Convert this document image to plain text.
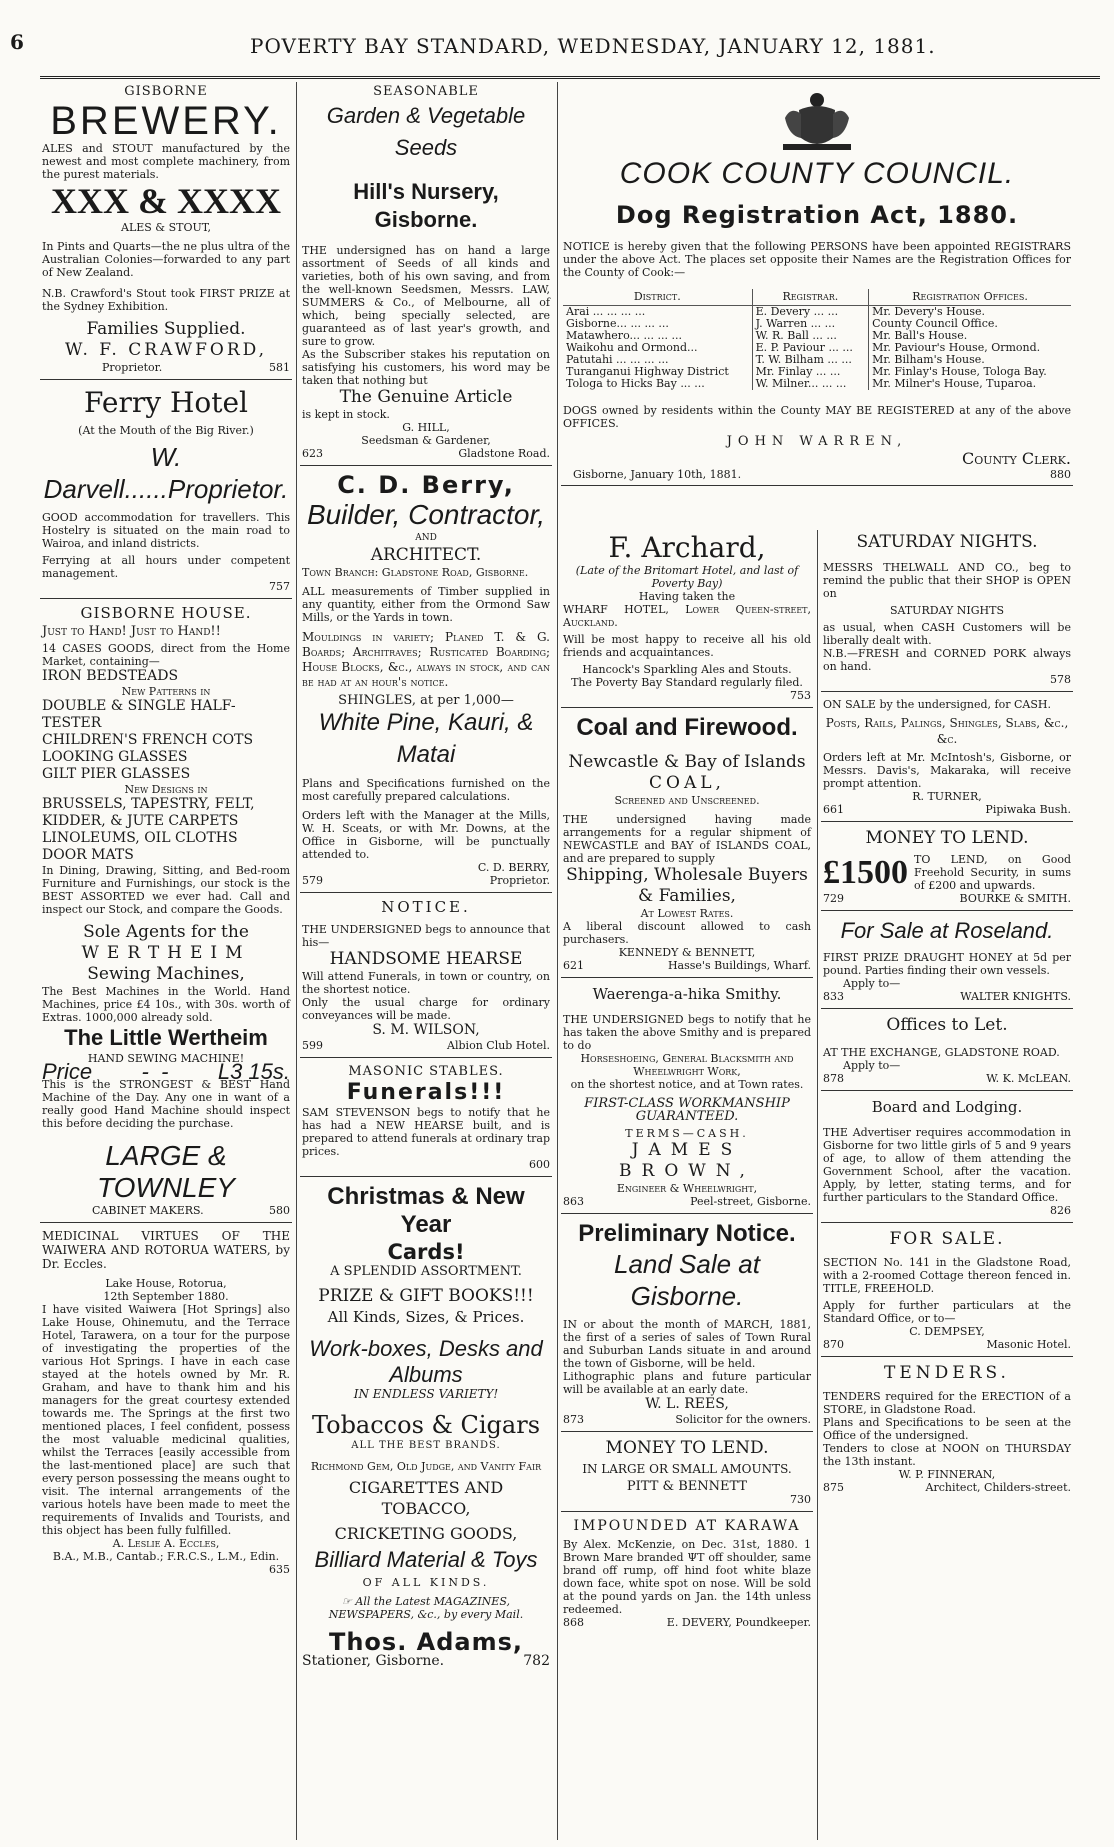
6	POVERTY BAY STANDARD, WEDNESDAY, JANUARY 12, 1881.
GISBORNE
BREWERY.
ALES and STOUT manufactured by the newest and most complete machinery, from the purest materials.
XXX & XXXX
ALES & STOUT,
In Pints and Quarts—the ne plus ultra of the Australian Colonies—forwarded to any part of New Zealand.
N.B. Crawford's Stout took FIRST PRIZE at the Sydney Exhibition.
Families Supplied.
W. F. CRAWFORD,
Proprietor.	581
Ferry Hotel
(At the Mouth of the Big River.)
W. Darvell......Proprietor.
GOOD accommodation for travellers. This Hostelry is situated on the main road to Wairoa, and inland districts.
Ferrying at all hours under competent management.
757
GISBORNE HOUSE.
Just to Hand! Just to Hand!!
14 CASES GOODS, direct from the Home Market, containing—
IRON BEDSTEADS
New Patterns in
DOUBLE & SINGLE HALF-TESTER
CHILDREN'S FRENCH COTS
LOOKING GLASSES
GILT PIER GLASSES
New Designs in
BRUSSELS, TAPESTRY, FELT, KIDDER, & JUTE CARPETS
LINOLEUMS, OIL CLOTHS
DOOR MATS
In Dining, Drawing, Sitting, and Bed-room Furniture and Furnishings, our stock is the BEST ASSORTED we ever had. Call and inspect our Stock, and compare the Goods.
Sole Agents for the
WERTHEIM
Sewing Machines,
The Best Machines in the World. Hand Machines, price £4 10s., with 30s. worth of Extras. 1000,000 already sold.
The Little Wertheim
HAND SEWING MACHINE!
Price -  - L3 15s.
This is the STRONGEST & BEST Hand Machine of the Day. Any one in want of a really good Hand Machine should inspect this before deciding the purchase.
LARGE & TOWNLEY
CABINET MAKERS.	580
MEDICINAL VIRTUES OF THE WAIWERA AND ROTORUA WATERS, by Dr. Eccles.
Lake House, Rotorua,
12th September 1880.
I have visited Waiwera [Hot Springs] also Lake House, Ohinemutu, and the Terrace Hotel, Tarawera, on a tour for the purpose of investigating the properties of the various Hot Springs. I have in each case stayed at the hotels owned by Mr. R. Graham, and have to thank him and his managers for the great courtesy extended towards me. The Springs at the first two mentioned places, I feel confident, possess the most valuable medicinal qualities, whilst the Terraces [easily accessible from the last-mentioned place] are such that every person possessing the means ought to visit. The internal arrangements of the various hotels have been made to meet the requirements of Invalids and Tourists, and this object has been fully fulfilled.
A. Leslie A. Eccles,
B.A., M.B., Cantab.; F.R.C.S., L.M., Edin.
635
SEASONABLE
Garden & Vegetable Seeds
Hill's Nursery, Gisborne.
THE undersigned has on hand a large assortment of Seeds of all kinds and varieties, both of his own saving, and from the well-known Seedsmen, Messrs. LAW, SUMMERS & Co., of Melbourne, all of which, being specially selected, are guaranteed as of last year's growth, and sure to grow.
As the Subscriber stakes his reputation on satisfying his customers, his word may be taken that nothing but
The Genuine Article
is kept in stock.
G. HILL,
Seedsman & Gardener,
623	Gladstone Road.
C. D. Berry,
Builder, Contractor,
AND
ARCHITECT.
Town Branch: Gladstone Road, Gisborne.
ALL measurements of Timber supplied in any quantity, either from the Ormond Saw Mills, or the Yards in town.
Mouldings in variety; Planed T. & G. Boards; Architraves; Rusticated Boarding; House Blocks, &c., always in stock, and can be had at an hour's notice.
SHINGLES, at per 1,000—
White Pine, Kauri, & Matai
Plans and Specifications furnished on the most carefully prepared calculations.
Orders left with the Manager at the Mills, W. H. Sceats, or with Mr. Downs, at the Office in Gisborne, will be punctually attended to.
C. D. BERRY,
579	Proprietor.
NOTICE.
THE UNDERSIGNED begs to announce that his—
HANDSOME HEARSE
Will attend Funerals, in town or country, on the shortest notice.
Only the usual charge for ordinary conveyances will be made.
S. M. WILSON,
599	Albion Club Hotel.
MASONIC STABLES.
Funerals!!!
SAM STEVENSON begs to notify that he has had a NEW HEARSE built, and is prepared to attend funerals at ordinary trap prices.
600
Christmas & New Year
Cards!
A SPLENDID ASSORTMENT.
PRIZE & GIFT BOOKS!!!
All Kinds, Sizes, & Prices.
Work-boxes, Desks and Albums
IN ENDLESS VARIETY!
Tobaccos & Cigars
ALL THE BEST BRANDS.
Richmond Gem, Old Judge, and Vanity Fair
CIGARETTES AND TOBACCO,
CRICKETING GOODS,
Billiard Material & Toys
OF ALL KINDS.
☞ All the Latest MAGAZINES, NEWSPAPERS, &c., by every Mail.
Thos. Adams,
Stationer, Gisborne.	782
COOK COUNTY COUNCIL.
Dog Registration Act, 1880.
NOTICE is hereby given that the following PERSONS have been appointed REGISTRARS under the above Act. The places set opposite their Names are the Registration Offices for the County of Cook:—
District.	Registrar.	Registration Offices.
Arai ... ... ... ...	E. Devery ... ...	Mr. Devery's House.
Gisborne... ... ... ...	J. Warren ... ...	County Council Office.
Matawhero... ... ... ...	W. R. Ball ... ...	Mr. Ball's House.
Waikohu and Ormond...	E. P. Paviour ... ...	Mr. Paviour's House, Ormond.
Patutahi ... ... ... ...	T. W. Bilham ... ...	Mr. Bilham's House.
Turanganui Highway District	Mr. Finlay ... ...	Mr. Finlay's House, Tologa Bay.
Tologa to Hicks Bay ... ...	W. Milner... ... ...	Mr. Milner's House, Tuparoa.
DOGS owned by residents within the County MAY BE REGISTERED at any of the above OFFICES.
JOHN WARREN,
County Clerk.
Gisborne, January 10th, 1881.	880
F. Archard,
(Late of the Britomart Hotel, and last of Poverty Bay)
Having taken the
WHARF HOTEL, Lower Queen-street, Auckland.
Will be most happy to receive all his old friends and acquaintances.
Hancock's Sparkling Ales and Stouts.
The Poverty Bay Standard regularly filed.
753
Coal and Firewood.
Newcastle & Bay of Islands
COAL,
Screened and Unscreened.
THE undersigned having made arrangements for a regular shipment of NEWCASTLE and BAY of ISLANDS COAL, and are prepared to supply
Shipping, Wholesale Buyers & Families,
At Lowest Rates.
A liberal discount allowed to cash purchasers.
KENNEDY & BENNETT,
621	Hasse's Buildings, Wharf.
Waerenga-a-hika Smithy.
THE UNDERSIGNED begs to notify that he has taken the above Smithy and is prepared to do
Horseshoeing, General Blacksmith and Wheelwright Work,
on the shortest notice, and at Town rates.
FIRST-CLASS WORKMANSHIP GUARANTEED.
TERMS—CASH.
JAMES BROWN,
Engineer & Wheelwright,
863	Peel-street, Gisborne.
Preliminary Notice.
Land Sale at Gisborne.
IN or about the month of MARCH, 1881, the first of a series of sales of Town Rural and Suburban Lands situate in and around the town of Gisborne, will be held.
Lithographic plans and future particular will be available at an early date.
W. L. REES,
873	Solicitor for the owners.
MONEY TO LEND.
IN LARGE OR SMALL AMOUNTS.
PITT & BENNETT
730
IMPOUNDED AT KARAWA
By Alex. McKenzie, on Dec. 31st, 1880. 1 Brown Mare branded ΨT off shoulder, same brand off rump, off hind foot white blaze down face, white spot on nose. Will be sold at the pound yards on Jan. the 14th unless redeemed.
868	E. DEVERY, Poundkeeper.
SATURDAY NIGHTS.
MESSRS THELWALL AND CO., beg to remind the public that their SHOP is OPEN on
SATURDAY NIGHTS
as usual, when CASH Customers will be liberally dealt with.
N.B.—FRESH and CORNED PORK always on hand.
578
ON SALE by the undersigned, for CASH.
Posts, Rails, Palings, Shingles, Slabs, &c., &c.
Orders left at Mr. McIntosh's, Gisborne, or Messrs. Davis's, Makaraka, will receive prompt attention.
R. TURNER,
661	Pipiwaka Bush.
MONEY TO LEND.
£1500 TO LEND, on Good Freehold Security, in sums of £200 and upwards.
729	BOURKE & SMITH.
For Sale at Roseland.
FIRST PRIZE DRAUGHT HONEY at 5d per pound. Parties finding their own vessels.
Apply to—
833	WALTER KNIGHTS.
Offices to Let.
AT THE EXCHANGE, GLADSTONE ROAD.
Apply to—
878	W. K. McLEAN.
Board and Lodging.
THE Advertiser requires accommodation in Gisborne for two little girls of 5 and 9 years of age, to allow of them attending the Government School, after the vacation. Apply, by letter, stating terms, and for further particulars to the Standard Office.
826
FOR SALE.
SECTION No. 141 in the Gladstone Road, with a 2-roomed Cottage thereon fenced in. TITLE, FREEHOLD.
Apply for further particulars at the Standard Office, or to—
C. DEMPSEY,
870	Masonic Hotel.
TENDERS.
TENDERS required for the ERECTION of a STORE, in Gladstone Road.
Plans and Specifications to be seen at the Office of the undersigned.
Tenders to close at NOON on THURSDAY the 13th instant.
W. P. FINNERAN,
875	Architect, Childers-street.
